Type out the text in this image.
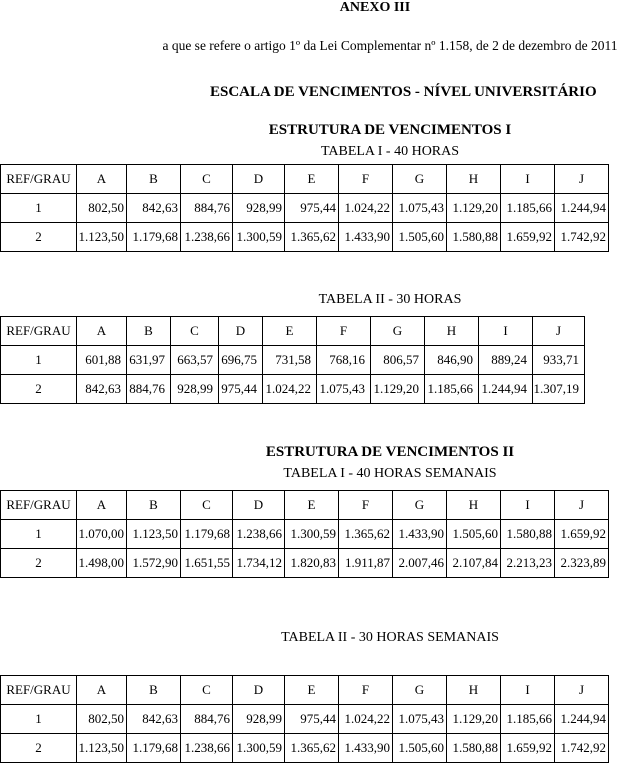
ANEXO III
a que se refere o artigo 1º da Lei Complementar nº 1.158, de 2 de dezembro de 2011
ESCALA DE VENCIMENTOS - NÍVEL UNIVERSITÁRIO
ESTRUTURA DE VENCIMENTOS I
TABELA I - 40 HORAS
REF/GRAU	A	B	C	D	E	F	G	H	I	J
1	802,50	842,63	884,76	928,99	975,44	1.024,22	1.075,43	1.129,20	1.185,66	1.244,94
2	1.123,50	1.179,68	1.238,66	1.300,59	1.365,62	1.433,90	1.505,60	1.580,88	1.659,92	1.742,92
TABELA II - 30 HORAS
REF/GRAU	A	B	C	D	E	F	G	H	I	J
1	601,88	631,97	663,57	696,75	731,58	768,16	806,57	846,90	889,24	933,71
2	842,63	884,76	928,99	975,44	1.024,22	1.075,43	1.129,20	1.185,66	1.244,94	1.307,19
ESTRUTURA DE VENCIMENTOS II
TABELA I - 40 HORAS SEMANAIS
REF/GRAU	A	B	C	D	E	F	G	H	I	J
1	1.070,00	1.123,50	1.179,68	1.238,66	1.300,59	1.365,62	1.433,90	1.505,60	1.580,88	1.659,92
2	1.498,00	1.572,90	1.651,55	1.734,12	1.820,83	1.911,87	2.007,46	2.107,84	2.213,23	2.323,89
TABELA II - 30 HORAS SEMANAIS
REF/GRAU	A	B	C	D	E	F	G	H	I	J
1	802,50	842,63	884,76	928,99	975,44	1.024,22	1.075,43	1.129,20	1.185,66	1.244,94
2	1.123,50	1.179,68	1.238,66	1.300,59	1.365,62	1.433,90	1.505,60	1.580,88	1.659,92	1.742,92
